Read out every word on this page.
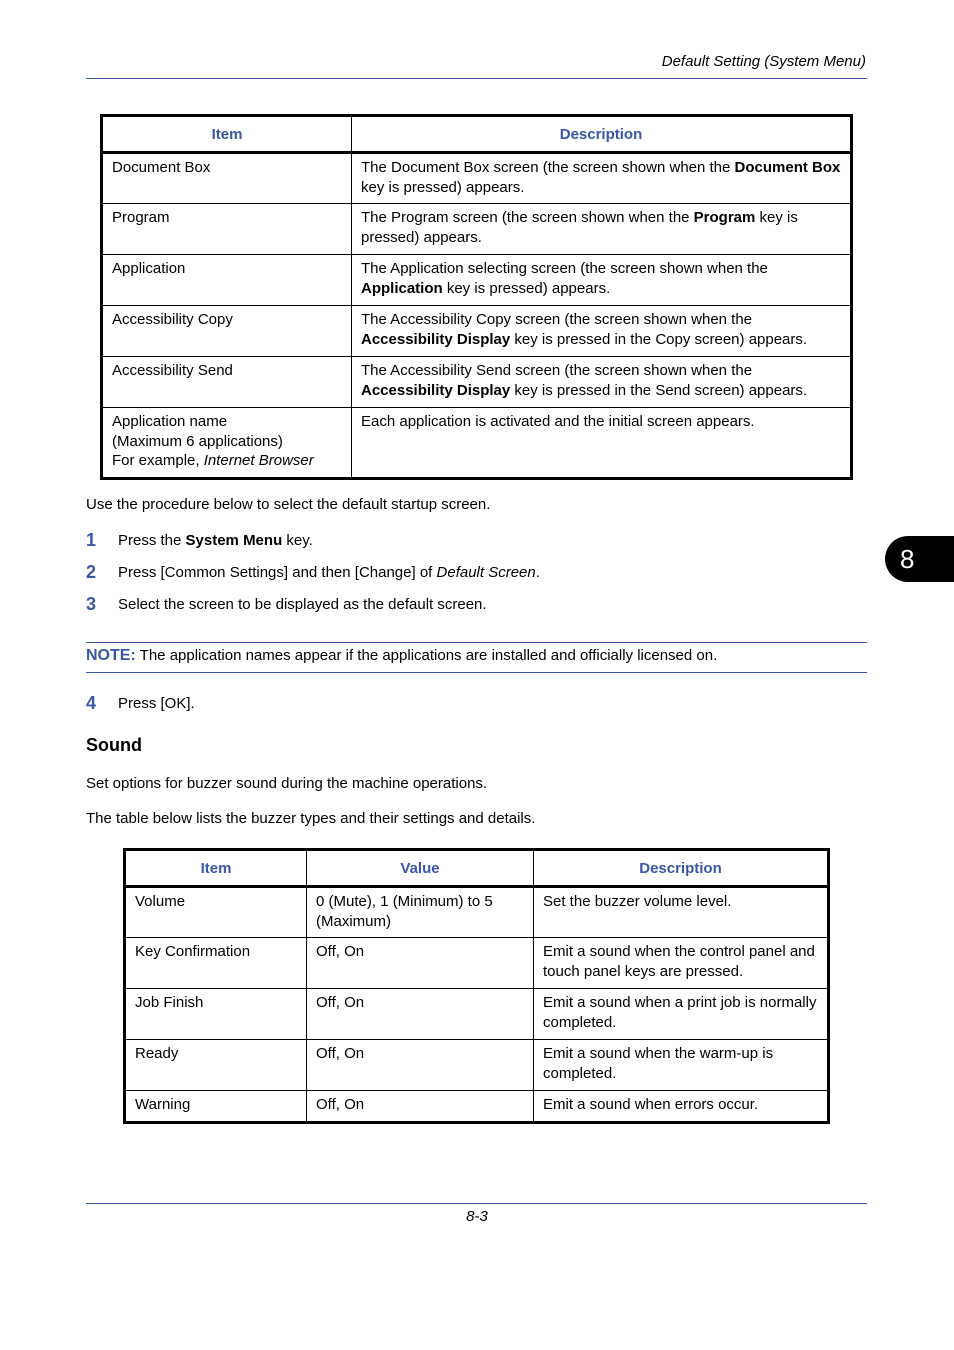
Default Setting (System Menu)
8
Item	Description
Document Box	The Document Box screen (the screen shown when the Document Box key is pressed) appears.
Program	The Program screen (the screen shown when the Program key is pressed) appears.
Application	The Application selecting screen (the screen shown when the Application key is pressed) appears.
Accessibility Copy	The Accessibility Copy screen (the screen shown when the Accessibility Display key is pressed in the Copy screen) appears.
Accessibility Send	The Accessibility Send screen (the screen shown when the Accessibility Display key is pressed in the Send screen) appears.

Application name
(Maximum 6 applications)
For example, Internet Browser	Each application is activated and the initial screen appears.
Use the procedure below to select the default startup screen.
1 Press the System Menu key.
2 Press [Common Settings] and then [Change] of Default Screen.
3 Select the screen to be displayed as the default screen.
NOTE: The application names appear if the applications are installed and officially licensed on.
4 Press [OK].
Sound
Set options for buzzer sound during the machine operations.
The table below lists the buzzer types and their settings and details.
Item	Value	Description
Volume	0 (Mute), 1 (Minimum) to 5 (Maximum)	Set the buzzer volume level.
Key Confirmation	Off, On	Emit a sound when the control panel and touch panel keys are pressed.
Job Finish	Off, On	Emit a sound when a print job is normally completed.
Ready	Off, On	Emit a sound when the warm-up is completed.
Warning	Off, On	Emit a sound when errors occur.
8-3
